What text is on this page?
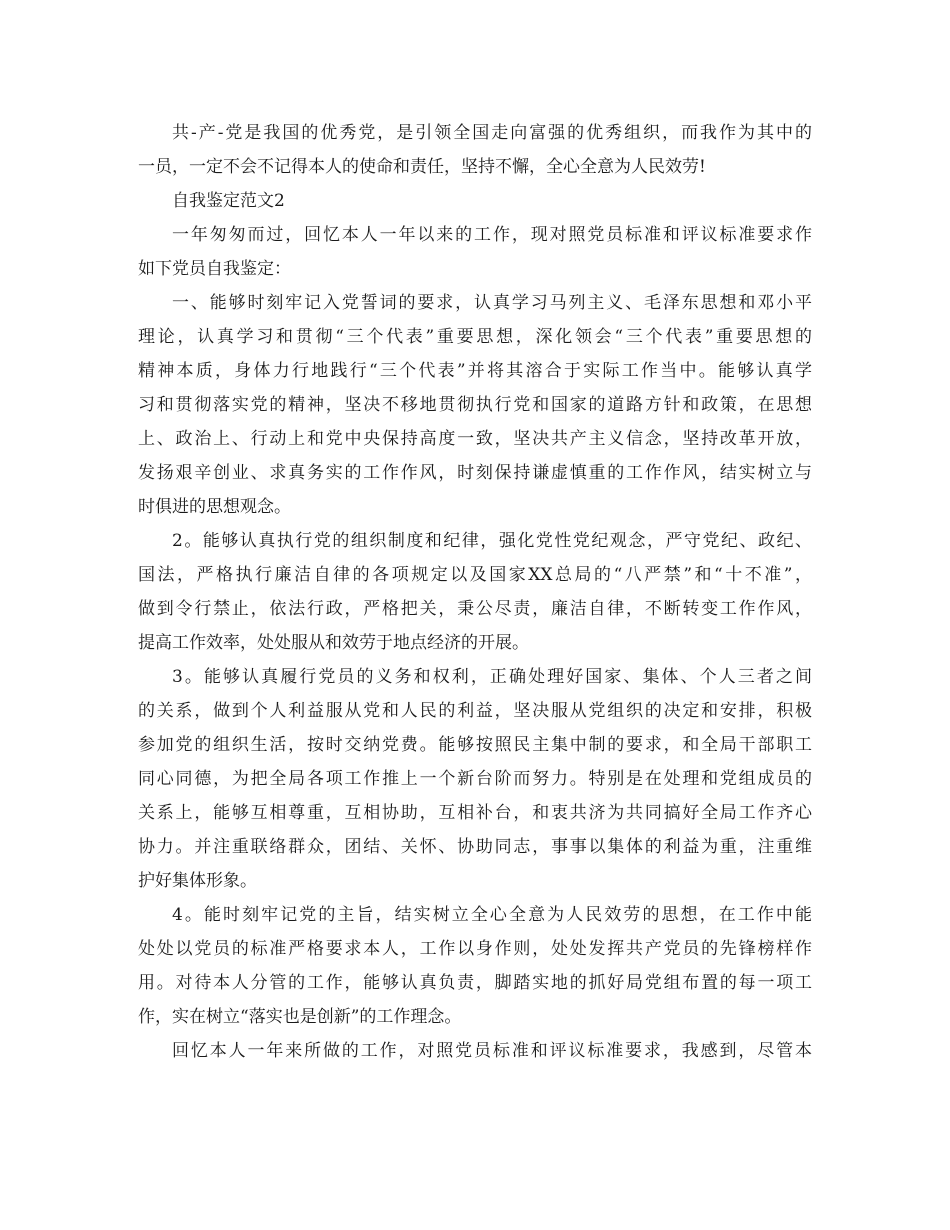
共-产-党是我国的优秀党，是引领全国走向富强的优秀组织，而我作为其中的
一员，一定不会不记得本人的使命和责任，坚持不懈，全心全意为人民效劳!
自我鉴定范文2
一年匆匆而过，回忆本人一年以来的工作，现对照党员标准和评议标准要求作
如下党员自我鉴定：
一、能够时刻牢记入党誓词的要求，认真学习马列主义、毛泽东思想和邓小平
理论，认真学习和贯彻“三个代表”重要思想，深化领会“三个代表”重要思想的
精神本质，身体力行地践行“三个代表”并将其溶合于实际工作当中。能够认真学
习和贯彻落实党的精神，坚决不移地贯彻执行党和国家的道路方针和政策，在思想
上、政治上、行动上和党中央保持高度一致，坚决共产主义信念，坚持改革开放，
发扬艰辛创业、求真务实的工作作风，时刻保持谦虚慎重的工作作风，结实树立与
时俱进的思想观念。
2。能够认真执行党的组织制度和纪律，强化党性党纪观念，严守党纪、政纪、
国法，严格执行廉洁自律的各项规定以及国家XX总局的“八严禁”和“十不准”，
做到令行禁止，依法行政，严格把关，秉公尽责，廉洁自律，不断转变工作作风，
提高工作效率，处处服从和效劳于地点经济的开展。
3。能够认真履行党员的义务和权利，正确处理好国家、集体、个人三者之间
的关系，做到个人利益服从党和人民的利益，坚决服从党组织的决定和安排，积极
参加党的组织生活，按时交纳党费。能够按照民主集中制的要求，和全局干部职工
同心同德，为把全局各项工作推上一个新台阶而努力。特别是在处理和党组成员的
关系上，能够互相尊重，互相协助，互相补台，和衷共济为共同搞好全局工作齐心
协力。并注重联络群众，团结、关怀、协助同志，事事以集体的利益为重，注重维
护好集体形象。
4。能时刻牢记党的主旨，结实树立全心全意为人民效劳的思想，在工作中能
处处以党员的标准严格要求本人，工作以身作则，处处发挥共产党员的先锋榜样作
用。对待本人分管的工作，能够认真负责，脚踏实地的抓好局党组布置的每一项工
作，实在树立“落实也是创新”的工作理念。
回忆本人一年来所做的工作，对照党员标准和评议标准要求，我感到，尽管本
